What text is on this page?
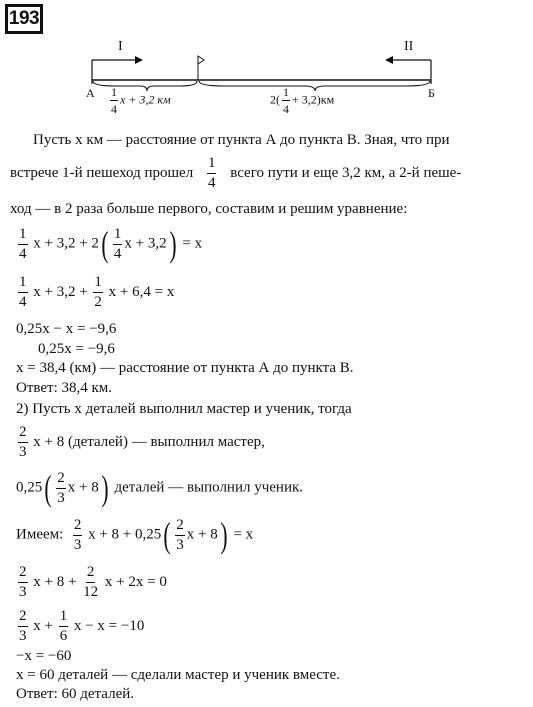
193
I	II
А	Б
$\frac{1}{4}$ x + 3,2 км	$2( \frac{1}{4} + 3,2)км$
Пусть x км — расстояние от пункта А до пункта В. Зная, что при
встрече 1-й пешеход прошел $\frac{1}{4}$ всего пути и еще 3,2 км, а 2-й пеше-
ход — в 2 раза больше первого, составим и решим уравнение:
$\frac{1}{4}$ $x + 3,2 + 2( \frac{1}{4}$ x + 3,2) = x
$\frac{1}{4}$ $x + 3,2 + \frac{1}{2}$ x + 6,4 = x
0,25x − x = −9,6
0,25x = −9,6
x = 38,4 (км) — расстояние от пункта А до пункта В.
Ответ: 38,4 км.
2) Пусть x деталей выполнил мастер и ученик, тогда
$\frac{2}{3}$ x + 8 (деталей) — выполнил мастер,
$0,25( \frac{2}{3}$ x + 8) деталей — выполнил ученик.
Имеем: $\frac{2}{3}$ $x + 8 + 0,25( \frac{2}{3}$ x + 8) = x
$\frac{2}{3}$ $x + 8 + \frac{2}{12}$ x + 2x = 0
$\frac{2}{3}$ $x + \frac{1}{6}$ x − x = −10
−x = −60
x = 60 деталей — сделали мастер и ученик вместе.
Ответ: 60 деталей.
